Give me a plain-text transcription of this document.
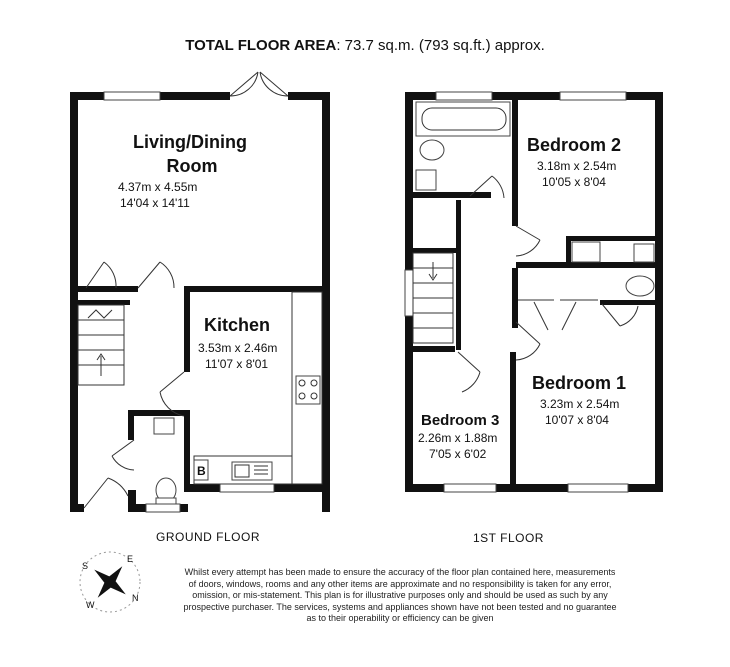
TOTAL FLOOR AREA: 73.7 sq.m. (793 sq.ft.) approx.
Living/Dining
Room
4.37m x 4.55m
14'04 x 14'11
Kitchen
3.53m x 2.46m
11'07 x 8'01
B
Bedroom 2
3.18m x 2.54m
10'05 x 8'04
Bedroom 1
3.23m x 2.54m
10'07 x 8'04
Bedroom 3
2.26m x 1.88m
7'05 x 6'02
GROUND FLOOR	1ST FLOOR
N
S
E
W
Whilst every attempt has been made to ensure the accuracy of the floor plan contained here, measurements of doors, windows, rooms and any other items are approximate and no responsibility is taken for any error, omission, or mis-statement. This plan is for illustrative purposes only and should be used as such by any prospective purchaser. The services, systems and appliances shown have not been tested and no guarantee as to their operability or efficiency can be given
